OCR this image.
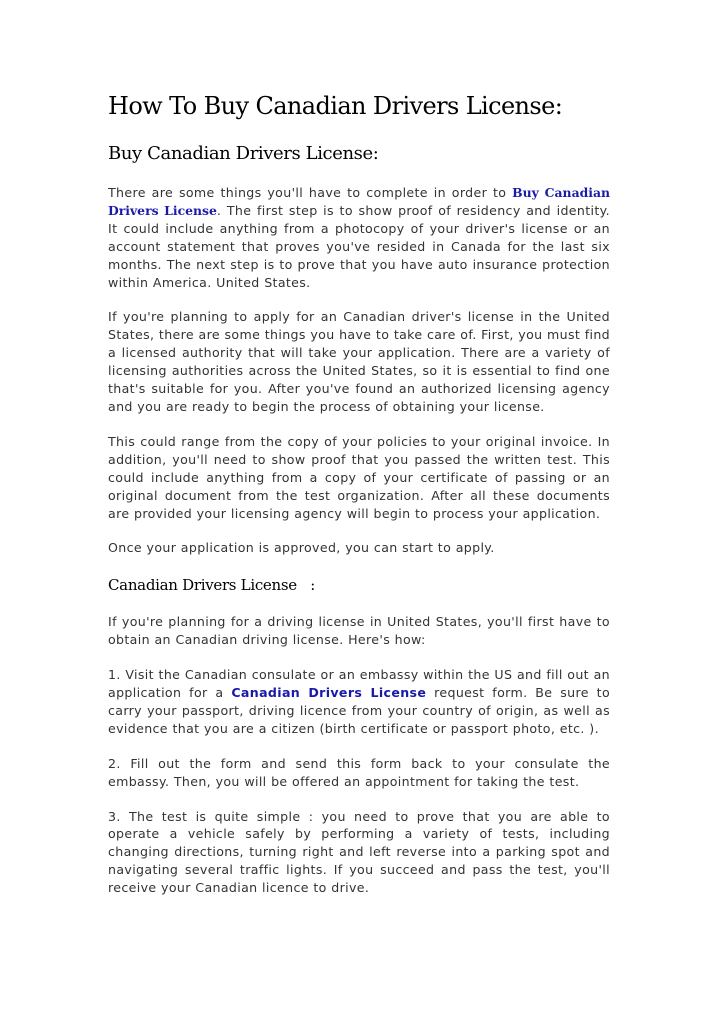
How To Buy Canadian Drivers License:
Buy Canadian Drivers License:

There are some things you'll have to complete in order to Buy Canadian Drivers License. The first step is to show proof of residency and identity. It could include anything from a photocopy of your driver's license or an account statement that proves you've resided in Canada for the last six months. The next step is to prove that you have auto insurance protection within America. United States.

If you're planning to apply for an Canadian driver's license in the United States, there are some things you have to take care of. First, you must find a licensed authority that will take your application. There are a variety of licensing authorities across the United States, so it is essential to find one that's suitable for you. After you've found an authorized licensing agency and you are ready to begin the process of obtaining your license.

This could range from the copy of your policies to your original invoice. In addition, you'll need to show proof that you passed the written test. This could include anything from a copy of your certificate of passing or an original document from the test organization. After all these documents are provided your licensing agency will begin to process your application.

Once your application is approved, you can start to apply.

Canadian Drivers License   :

If you're planning for a driving license in United States, you'll first have to obtain an Canadian driving license. Here's how:

1. Visit the Canadian consulate or an embassy within the US and fill out an application for a Canadian Drivers License request form. Be sure to carry your passport, driving licence from your country of origin, as well as evidence that you are a citizen (birth certificate or passport photo, etc. ).

2. Fill out the form and send this form back to your consulate the embassy. Then, you will be offered an appointment for taking the test.

3. The test is quite simple : you need to prove that you are able to operate a vehicle safely by performing a variety of tests, including changing directions, turning right and left reverse into a parking spot and navigating several traffic lights. If you succeed and pass the test, you'll receive your Canadian licence to drive.
